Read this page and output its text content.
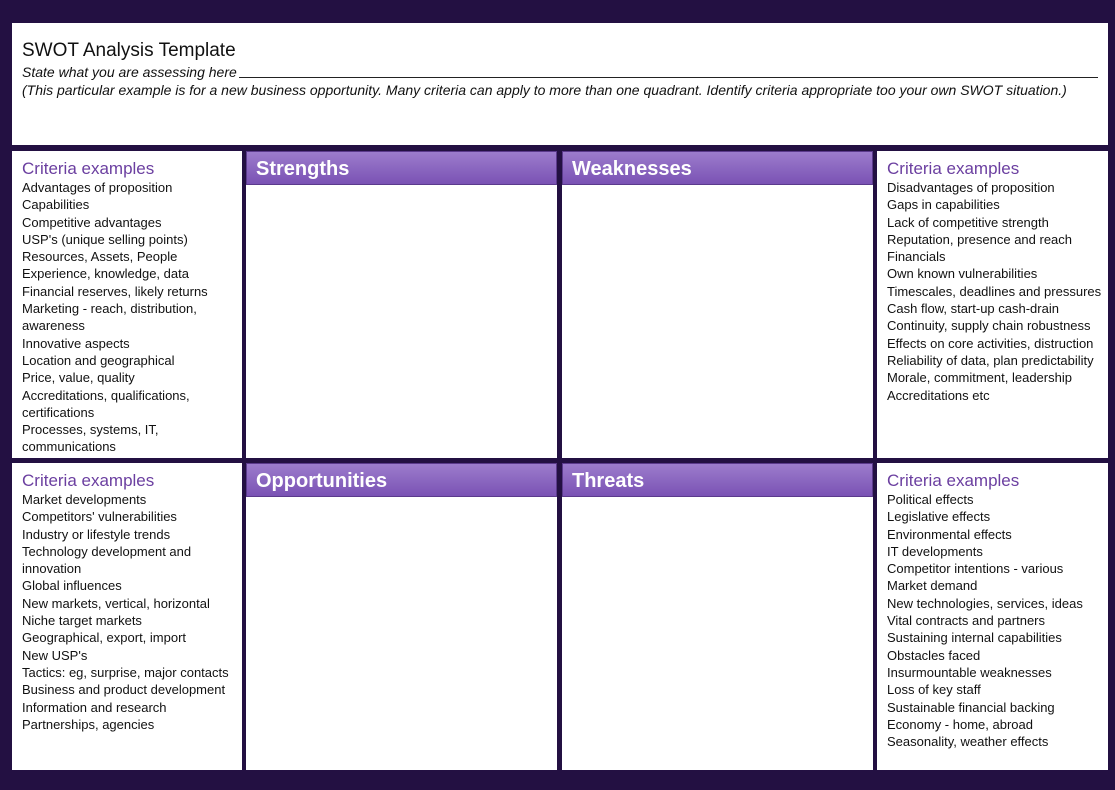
SWOT Analysis Template
State what you are assessing here
(This particular example is for a new business opportunity. Many criteria can apply to more than one quadrant. Identify criteria appropriate too your own SWOT situation.)
Criteria examples
Advantages of proposition
Capabilities
Competitive advantages
USP's (unique selling points)
Resources, Assets, People
Experience, knowledge, data
Financial reserves, likely returns
Marketing - reach, distribution,
awareness
Innovative aspects
Location and geographical
Price, value, quality
Accreditations, qualifications,
certifications
Processes, systems, IT,
communications
Strengths	Weaknesses	Criteria examples
Disadvantages of proposition
Gaps in capabilities
Lack of competitive strength
Reputation, presence and reach
Financials
Own known vulnerabilities
Timescales, deadlines and pressures
Cash flow, start-up cash-drain
Continuity, supply chain robustness
Effects on core activities, distruction
Reliability of data, plan predictability
Morale, commitment, leadership
Accreditations etc
Criteria examples
Market developments
Competitors' vulnerabilities
Industry or lifestyle trends
Technology development and
innovation
Global influences
New markets, vertical, horizontal
Niche target markets
Geographical, export, import
New USP's
Tactics: eg, surprise, major contacts
Business and product development
Information and research
Partnerships, agencies
Opportunities	Threats	Criteria examples
Political effects
Legislative effects
Environmental effects
IT developments
Competitor intentions - various
Market demand
New technologies, services, ideas
Vital contracts and partners
Sustaining internal capabilities
Obstacles faced
Insurmountable weaknesses
Loss of key staff
Sustainable financial backing
Economy - home, abroad
Seasonality, weather effects
